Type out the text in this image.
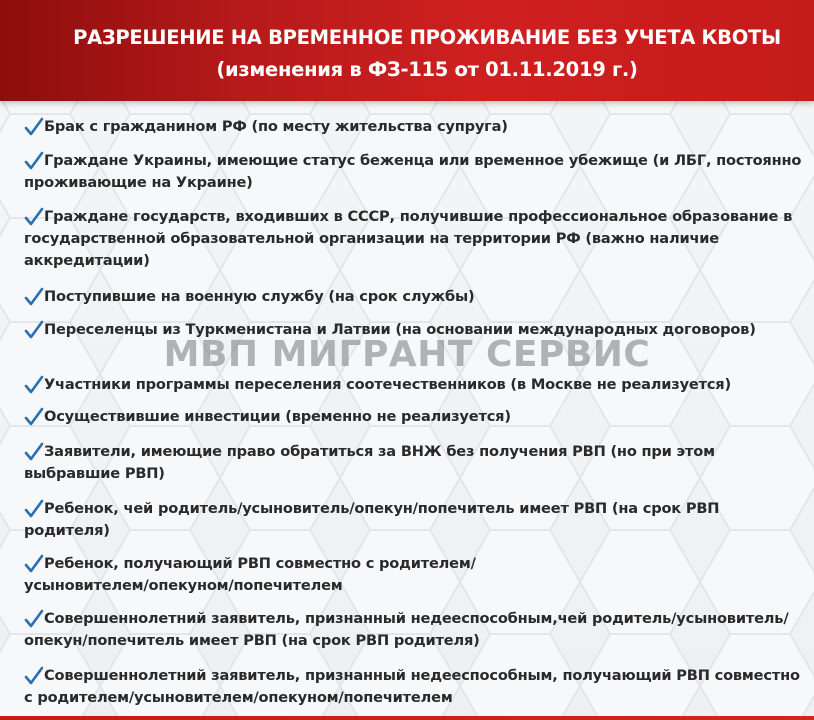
РАЗРЕШЕНИЕ НА ВРЕМЕННОЕ ПРОЖИВАНИЕ БЕЗ УЧЕТА КВОТЫ
(изменения в ФЗ-115 от 01.11.2019 г.)
Брак с гражданином РФ (по месту жительства супруга)
Граждане Украины, имеющие статус беженца или временное убежище (и ЛБГ, постоянно проживающие на Украине)
Граждане государств, входивших в СССР, получившие профессиональное образование в государственной образовательной организации на территории РФ (важно наличие аккредитации)
Поступившие на военную службу (на срок службы)
Переселенцы из Туркменистана и Латвии (на основании международных договоров)
Участники программы переселения соотечественников (в Москве не реализуется)
Осуществившие инвестиции (временно не реализуется)
Заявители, имеющие право обратиться за ВНЖ без получения РВП (но при этом выбравшие РВП)
Ребенок, чей родитель/усыновитель/опекун/попечитель имеет РВП (на срок РВП родителя)
Ребенок, получающий РВП совместно с родителем/усыновителем/опекуном/попечителем
Совершеннолетний заявитель, признанный недееспособным,чей родитель/усыновитель/опекун/попечитель имеет РВП (на срок РВП родителя)
Совершеннолетний заявитель, признанный недееспособным, получающий РВП совместно с родителем/усыновителем/опекуном/попечителем
МВП МИГРАНТ СЕРВИС
